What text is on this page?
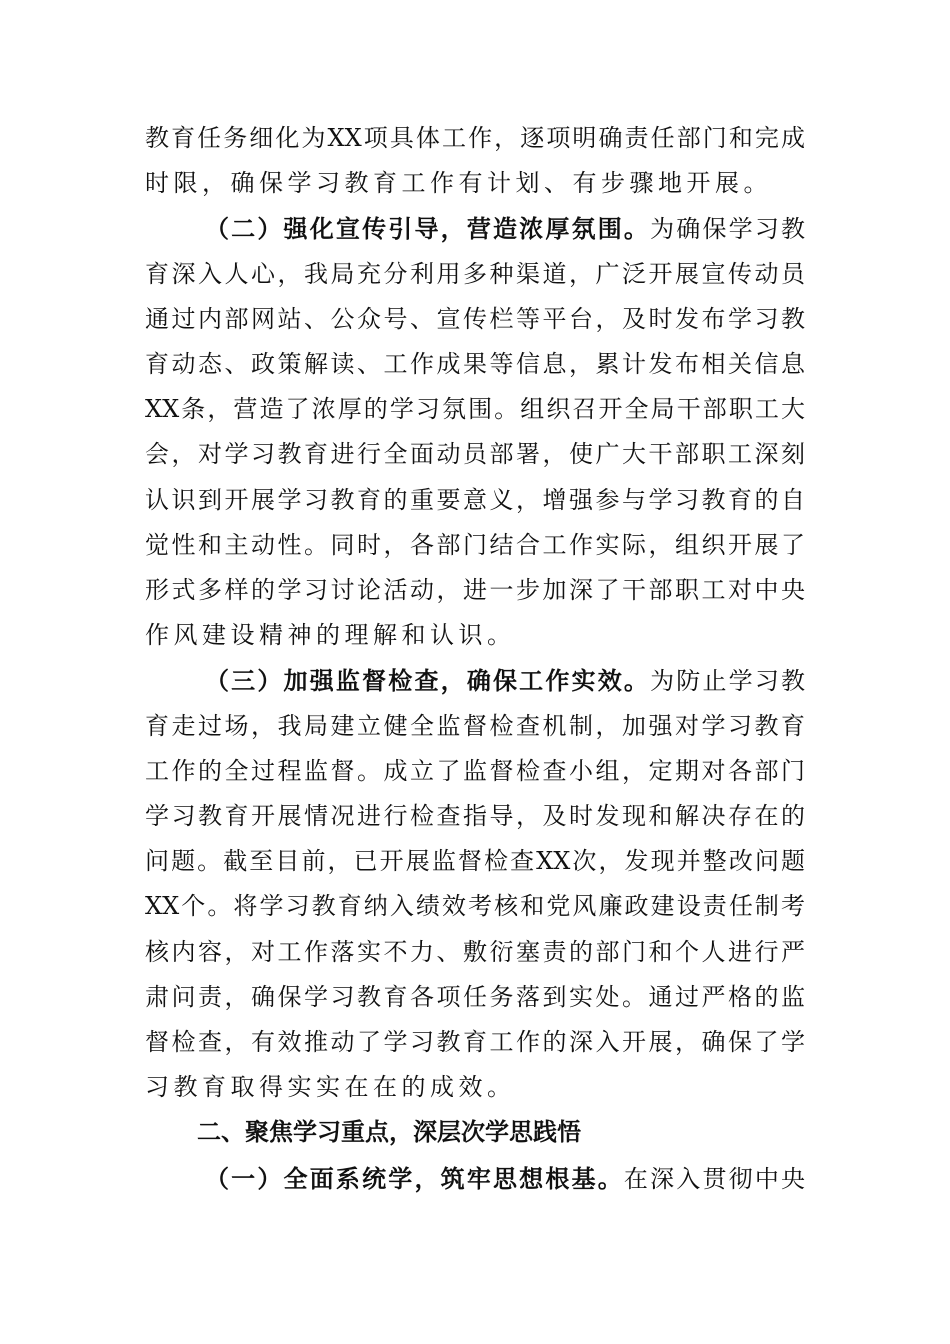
教育任务细化为XX项具体工作，逐项明确责任部门和完成
时限，确保学习教育工作有计划、有步骤地开展。
（二）强化宣传引导，营造浓厚氛围。为确保学习教
育深入人心，我局充分利用多种渠道，广泛开展宣传动员
通过内部网站、公众号、宣传栏等平台，及时发布学习教
育动态、政策解读、工作成果等信息，累计发布相关信息
XX条，营造了浓厚的学习氛围。组织召开全局干部职工大
会，对学习教育进行全面动员部署，使广大干部职工深刻
认识到开展学习教育的重要意义，增强参与学习教育的自
觉性和主动性。同时，各部门结合工作实际，组织开展了
形式多样的学习讨论活动，进一步加深了干部职工对中央
作风建设精神的理解和认识。
（三）加强监督检查，确保工作实效。为防止学习教
育走过场，我局建立健全监督检查机制，加强对学习教育
工作的全过程监督。成立了监督检查小组，定期对各部门
学习教育开展情况进行检查指导，及时发现和解决存在的
问题。截至目前，已开展监督检查XX次，发现并整改问题
XX个。将学习教育纳入绩效考核和党风廉政建设责任制考
核内容，对工作落实不力、敷衍塞责的部门和个人进行严
肃问责，确保学习教育各项任务落到实处。通过严格的监
督检查，有效推动了学习教育工作的深入开展，确保了学
习教育取得实实在在的成效。
二、聚焦学习重点，深层次学思践悟
（一）全面系统学，筑牢思想根基。在深入贯彻中央
